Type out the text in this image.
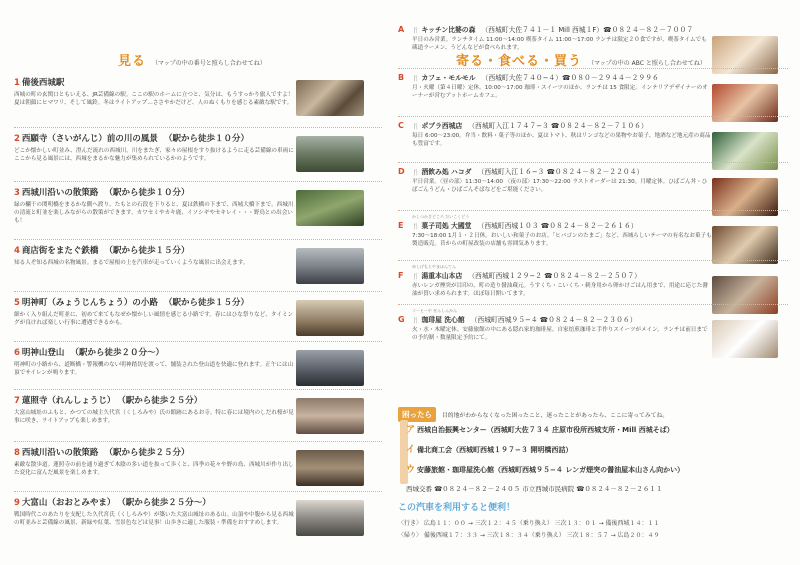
見る （マップの中の番号と照らし合わせてね）
1 備後西城駅
西城の町の玄関口ともいえる、JR芸備線の駅。ここの駅のホームに立つと、気分は、もうすっかり旅人ですよ！夏は朝顔にヒマワリ、そして風鈴。冬はライトアップ…ささやかだけど、人のぬくもりを感じる素敵な駅です。
2 西願寺（さいがんじ）前の川の風景 （駅から徒歩１０分）
どこか懐かしい町並み、澄んだ流れの西城川。川をまたぎ、家々の屋根をすり抜けるように走る芸備線の車両にここから見る風景には、西城をまるかな魅力が集められているかのようです。
3 西城川沿いの散策路 （駅から徒歩１０分）
緑の欄干の関明橋をまるかな側へ渡り、たもとの石段を下りると、夏は鉄橋の下まで、西城大橋下まで。西城川の清流と町並を楽しみながらの散策ができます。カワセミやカキ鹿、イソシギやセキレイ・・・野鳥との出会いも！
4 商店街をまたぐ鉄橋 （駅から徒歩１５分）
知る人ぞ知る西城の名物風景。まるで屋根の上を汽車が走っていくような風景に出会えます。
5 明神町（みょうじんちょう）の小路 （駅から徒歩１５分）
細かく入り組んだ町並に、初めて来てもなぜか懐かしい風情を感じる小路です。春にはひな祭りなど、タイミングが良ければ楽しい行事に遭遇できるかも。
6 明神山登山 （駅から徒歩２０分〜）
明神町の小路から、道断橋・警報機のない明神踏切を渡って、舗装された登山道を快適に登れます。正午には山頂でサイレンが鳴ります。
7 蓮照寺（れんしょうじ） （駅から徒歩２５分）
大富山城址のふもと、かつての城主久代宮（くしろみや）氏の館跡にあるお寺。特に春には境内のしだれ桜が見事に咲き、ライトアップも楽しめます。
8 西城川沿いの散策路 （駅から徒歩２５分）
素敵な散歩道。蓮照寺の前を通り過ぎて木陰の多い道を抜って歩くと、四季の花々や野の鳥、西城川が作り出した変化に富んだ風景を楽しめます。
9 大富山（おおとみやま） （駅から徒歩２５分〜）
戦国時代このあたりを支配した久代宮氏（くしろみや）が築いた大富山城址のある山。山頂や中腹から見る西城の町並みと芸備線の風景、新緑や紅葉、雪景色などは見事！山歩きに適した服装・準備をおすすめします。
寄る・食べる・買う （マップの中の ABC と照らし合わせてね）
A 🍴 キッチン比婆の森 （西城町大佐７４１－１ Mill 西城１F）☎０８２４－８２－７００７
平日のみ営業。ランチタイム 11:00〜14:00 喫茶タイム 11:00〜17:00 ランチは限定２０食ですが、喫茶タイムでも蔵道ラーメン、うどんなどが食べられます。
B 🍴 カフェ・モルモル （西城町大佐７４０−４）☎０８０－２９４４－２９９６
月・火曜（第４日曜）定休。10:00〜17:00 珈琲・スイーツのほか、ランチは 15 食限定。インテリアデザイナーのオーナーが営むアットホームカフェ。
C 🍴 ポプラ西城店 （西城町入江１７４７−３ ☎０８２４－８２－７１０６）
毎日 6:00〜23:00。弁当・飲料・菓子等のほか、夏はトマト、秋はリンゴなどの果物やお菓子、地酒など地元産の商品も豊富です。
D 🍴 酒飲み処 ハコダ （西城町入江１６−３ ☎０８２４－８２－２２０４）
平日営業。〈昼の部〉11:30〜14:00 〈夜の部〉17:30〜22:00 ラストオーダーは 21:30。月曜定休。ひばごん丼・ひばごんうどん・ひばごんそばなどをご堪能ください。
かしつかさどころ だいこくどう
E 🍴 菓子司処 大國堂 （西城町西城１０３ ☎０８２４－８２－２６１６）
7:30〜18:00 1月１・２日休。おいしい和菓子のお店。「ヒバゴンのたまご」など、西城らしいテーマの有名なお菓子も製造販売。昔からの町屋改装の店舗も雰囲気あります。
ゆしげもとやまほんてん
F 🍴 湯重本山本店 （西城町西城１２９−２ ☎０８２４－８２－２５０７）
赤いレンガ煙突が目印の、町の造り醤油蔵元。うすくち・こいくち・刺身用から卵かけごはん用まで、用途に応じた醤油が買い求められます。ほぼ毎日開いてます。
コーヒーや せんしんかん
G 🍴 珈琲屋 洗心館 （西城町西城９５−４ ☎０８２４－８２－２３０６）
火・水・木曜定休。安藤旅館の中にある隠れ家的珈琲屋。自家焙煎珈琲と手作りスイーツがメイン。ランチは前日までの予約制・数量限定予約にて。
困ったら 目的地がわからなくなった困ったこと、迷ったことがあったら、ここに寄ってみてね。
ア 西城自治振興センター（西城町大佐７３４ 庄原市役所西城支所・Mill 西城そば）
イ 備北商工会（西城町西城１９７−３ 開明橋西詰）
ウ 安藤旅館・珈琲屋洗心館（西城町西城９５−４ レンガ煙突の醤油屋本山さん向かい）
西城交番 ☎０８２４－８２－２４０５ 市立西城市民病院 ☎０８２４－８２－２６１１
この汽車を利用すると便利！
〈行き〉 広島１１：００ → 三次１２：４５（乗り換え） 三次１３：０１ → 備後西城１４：１１
〈帰り〉 備後西城１７：３３ → 三次１８：３４（乗り換え） 三次１８：５７ → 広島２０：４９
